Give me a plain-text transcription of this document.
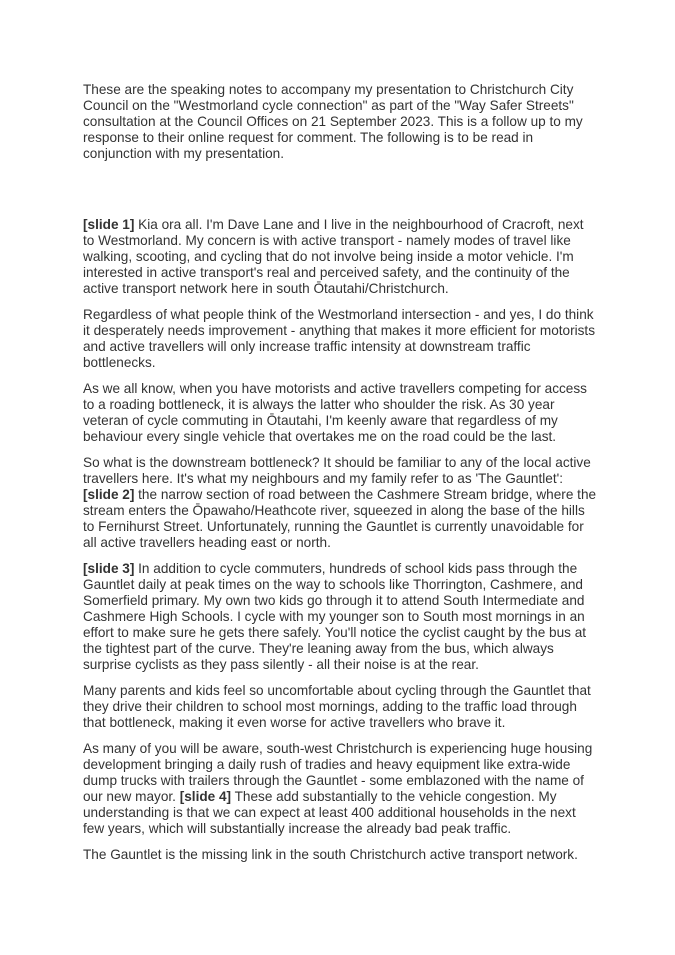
These are the speaking notes to accompany my presentation to Christchurch City Council on the "Westmorland cycle connection" as part of the "Way Safer Streets" consultation at the Council Offices on 21 September 2023. This is a follow up to my response to their online request for comment. The following is to be read in conjunction with my presentation.

[slide 1] Kia ora all. I'm Dave Lane and I live in the neighbourhood of Cracroft, next to Westmorland. My concern is with active transport - namely modes of travel like walking, scooting, and cycling that do not involve being inside a motor vehicle. I'm interested in active transport's real and perceived safety, and the continuity of the active transport network here in south Ōtautahi/Christchurch.

Regardless of what people think of the Westmorland intersection - and yes, I do think it desperately needs improvement - anything that makes it more efficient for motorists and active travellers will only increase traffic intensity at downstream traffic bottlenecks.

As we all know, when you have motorists and active travellers competing for access to a roading bottleneck, it is always the latter who shoulder the risk. As 30 year veteran of cycle commuting in Ōtautahi, I'm keenly aware that regardless of my behaviour every single vehicle that overtakes me on the road could be the last.

So what is the downstream bottleneck? It should be familiar to any of the local active travellers here. It's what my neighbours and my family refer to as 'The Gauntlet': [slide 2] the narrow section of road between the Cashmere Stream bridge, where the stream enters the Ōpawaho/Heathcote river, squeezed in along the base of the hills to Fernihurst Street. Unfortunately, running the Gauntlet is currently unavoidable for all active travellers heading east or north.

[slide 3] In addition to cycle commuters, hundreds of school kids pass through the Gauntlet daily at peak times on the way to schools like Thorrington, Cashmere, and Somerfield primary. My own two kids go through it to attend South Intermediate and Cashmere High Schools. I cycle with my younger son to South most mornings in an effort to make sure he gets there safely. You'll notice the cyclist caught by the bus at the tightest part of the curve. They're leaning away from the bus, which always surprise cyclists as they pass silently - all their noise is at the rear.

Many parents and kids feel so uncomfortable about cycling through the Gauntlet that they drive their children to school most mornings, adding to the traffic load through that bottleneck, making it even worse for active travellers who brave it.

As many of you will be aware, south-west Christchurch is experiencing huge housing development bringing a daily rush of tradies and heavy equipment like extra-wide dump trucks with trailers through the Gauntlet - some emblazoned with the name of our new mayor. [slide 4] These add substantially to the vehicle congestion. My understanding is that we can expect at least 400 additional households in the next few years, which will substantially increase the already bad peak traffic.

The Gauntlet is the missing link in the south Christchurch active transport network.
